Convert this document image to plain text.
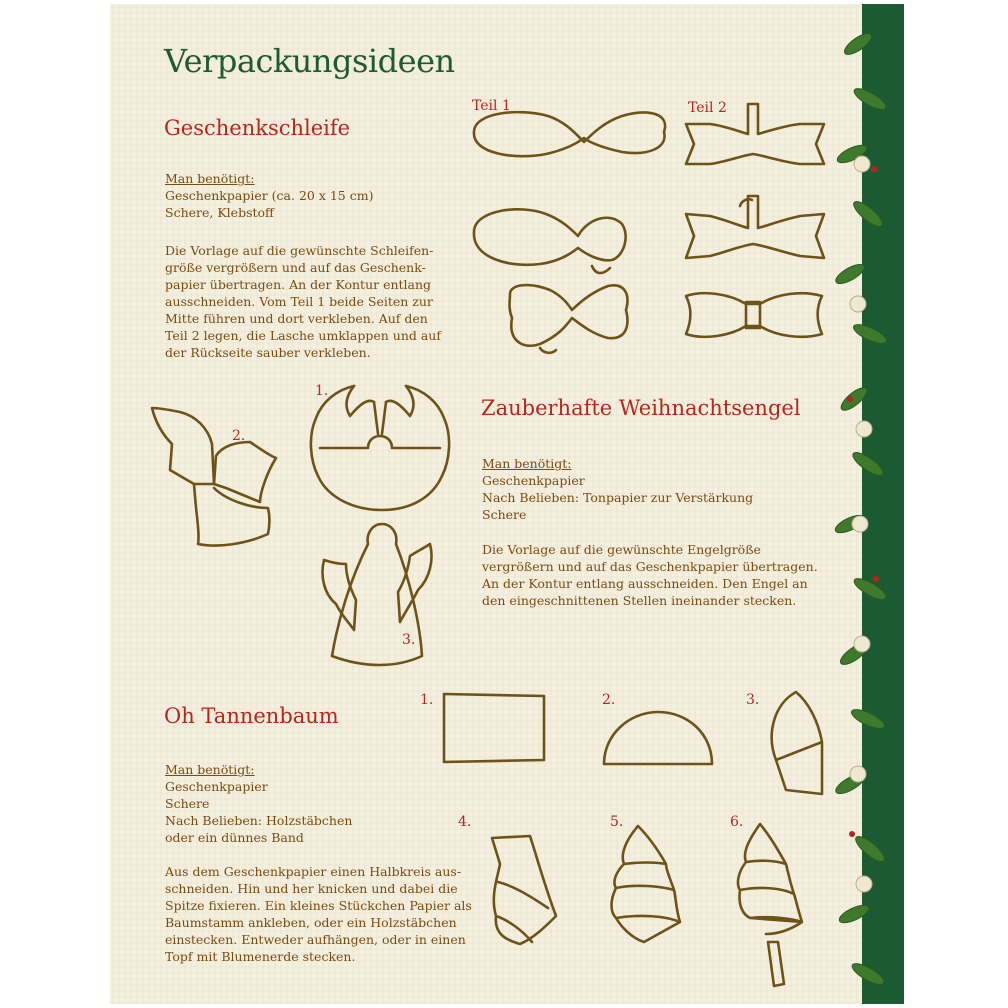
Verpackungsideen
Geschenkschleife
Man benötigt:
Geschenkpapier (ca. 20 x 15 cm)
Schere, Klebstoff
Die Vorlage auf die gewünschte Schleifen-
größe vergrößern und auf das Geschenk-
papier übertragen. An der Kontur entlang
ausschneiden. Vom Teil 1 beide Seiten zur
Mitte führen und dort verkleben. Auf den
Teil 2 legen, die Lasche umklappen und auf
der Rückseite sauber verkleben.
Teil 1	Teil 2
1.
2.
3.
Zauberhafte Weihnachtsengel
Man benötigt:
Geschenkpapier
Nach Belieben: Tonpapier zur Verstärkung
Schere
Die Vorlage auf die gewünschte Engelgröße
vergrößern und auf das Geschenkpapier übertragen.
An der Kontur entlang ausschneiden. Den Engel an
den eingeschnittenen Stellen ineinander stecken.
Oh Tannenbaum
Man benötigt:
Geschenkpapier
Schere
Nach Belieben: Holzstäbchen
oder ein dünnes Band
Aus dem Geschenkpapier einen Halbkreis aus-
schneiden. Hin und her knicken und dabei die
Spitze fixieren. Ein kleines Stückchen Papier als
Baumstamm ankleben, oder ein Holzstäbchen
einstecken. Entweder aufhängen, oder in einen
Topf mit Blumenerde stecken.
1.	2.	3.
4.	5.	6.
